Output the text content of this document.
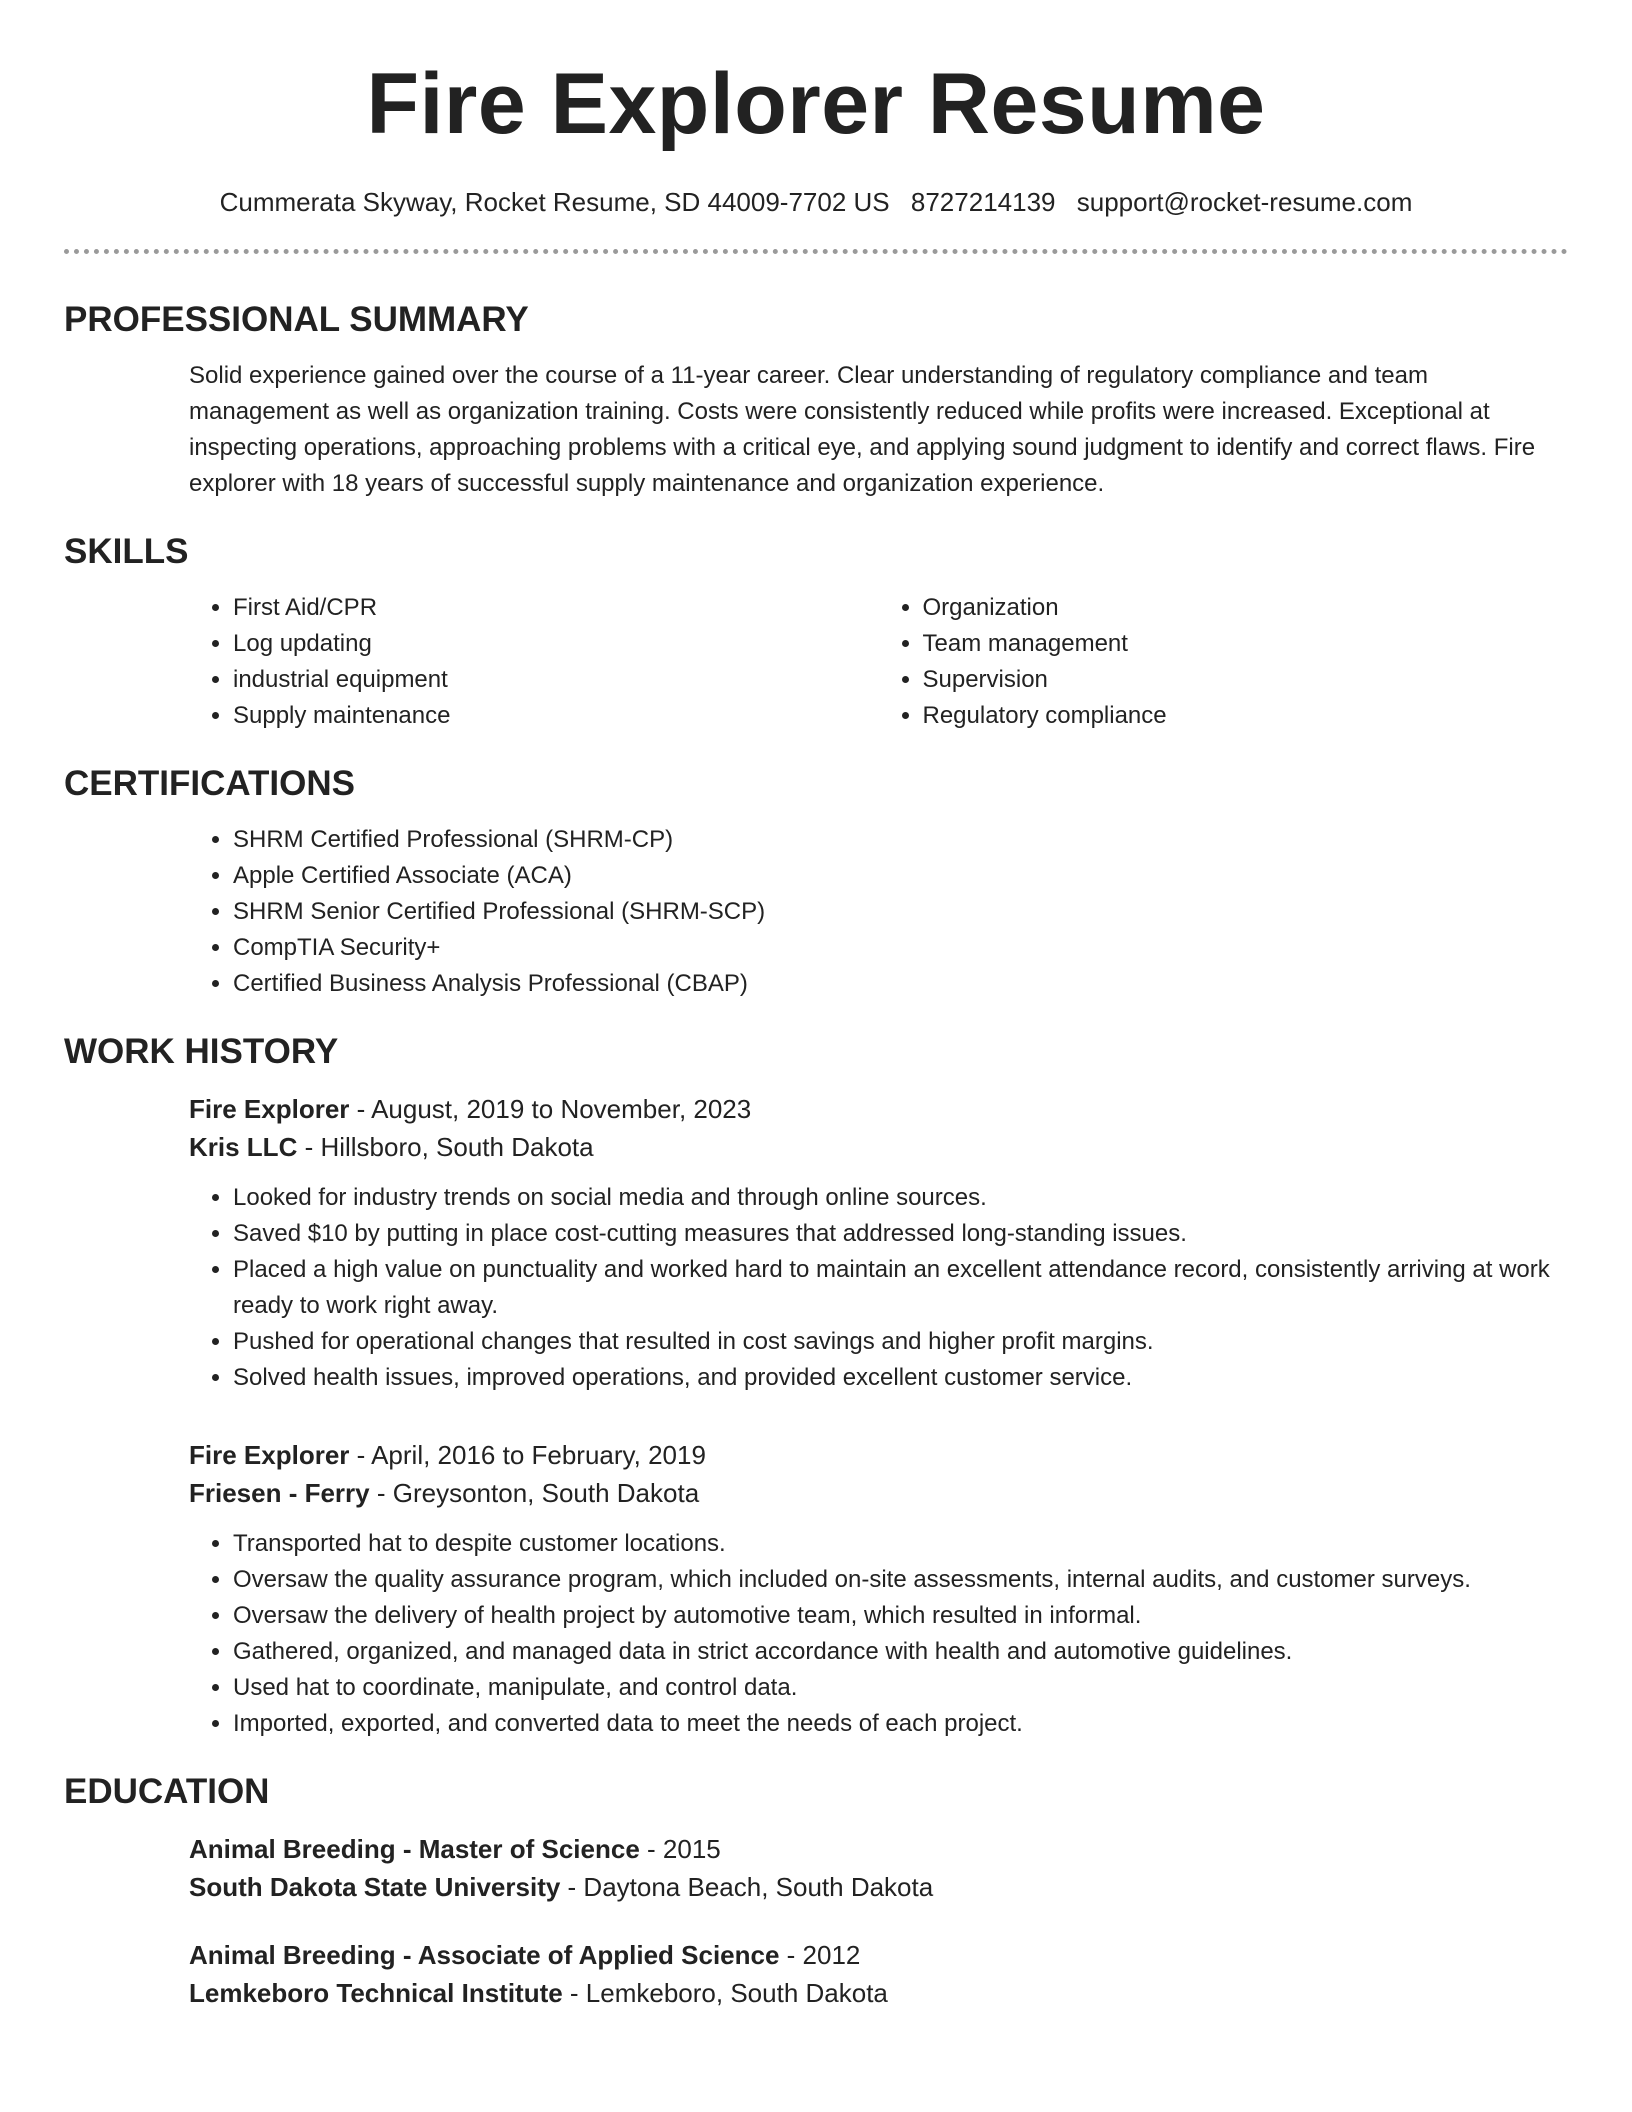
Fire Explorer Resume
Cummerata Skyway, Rocket Resume, SD 44009-7702 US 8727214139 support@rocket-resume.com
PROFESSIONAL SUMMARY

Solid experience gained over the course of a 11-year career. Clear understanding of regulatory compliance and team management as well as organization training. Costs were consistently reduced while profits were increased. Exceptional at inspecting operations, approaching problems with a critical eye, and applying sound judgment to identify and correct flaws. Fire explorer with 18 years of successful supply maintenance and organization experience.

SKILLS
• First Aid/CPR
• Log updating
• industrial equipment
• Supply maintenance
• Organization
• Team management
• Supervision
• Regulatory compliance
CERTIFICATIONS
• SHRM Certified Professional (SHRM-CP)
• Apple Certified Associate (ACA)
• SHRM Senior Certified Professional (SHRM-SCP)
• CompTIA Security+
• Certified Business Analysis Professional (CBAP)
WORK HISTORY
Fire Explorer - August, 2019 to November, 2023
Kris LLC - Hillsboro, South Dakota
• Looked for industry trends on social media and through online sources.
• Saved $10 by putting in place cost-cutting measures that addressed long-standing issues.
• Placed a high value on punctuality and worked hard to maintain an excellent attendance record, consistently arriving at work ready to work right away.
• Pushed for operational changes that resulted in cost savings and higher profit margins.
• Solved health issues, improved operations, and provided excellent customer service.
Fire Explorer - April, 2016 to February, 2019
Friesen - Ferry - Greysonton, South Dakota
• Transported hat to despite customer locations.
• Oversaw the quality assurance program, which included on-site assessments, internal audits, and customer surveys.
• Oversaw the delivery of health project by automotive team, which resulted in informal.
• Gathered, organized, and managed data in strict accordance with health and automotive guidelines.
• Used hat to coordinate, manipulate, and control data.
• Imported, exported, and converted data to meet the needs of each project.
EDUCATION
Animal Breeding - Master of Science - 2015
South Dakota State University - Daytona Beach, South Dakota
Animal Breeding - Associate of Applied Science - 2012
Lemkeboro Technical Institute - Lemkeboro, South Dakota
